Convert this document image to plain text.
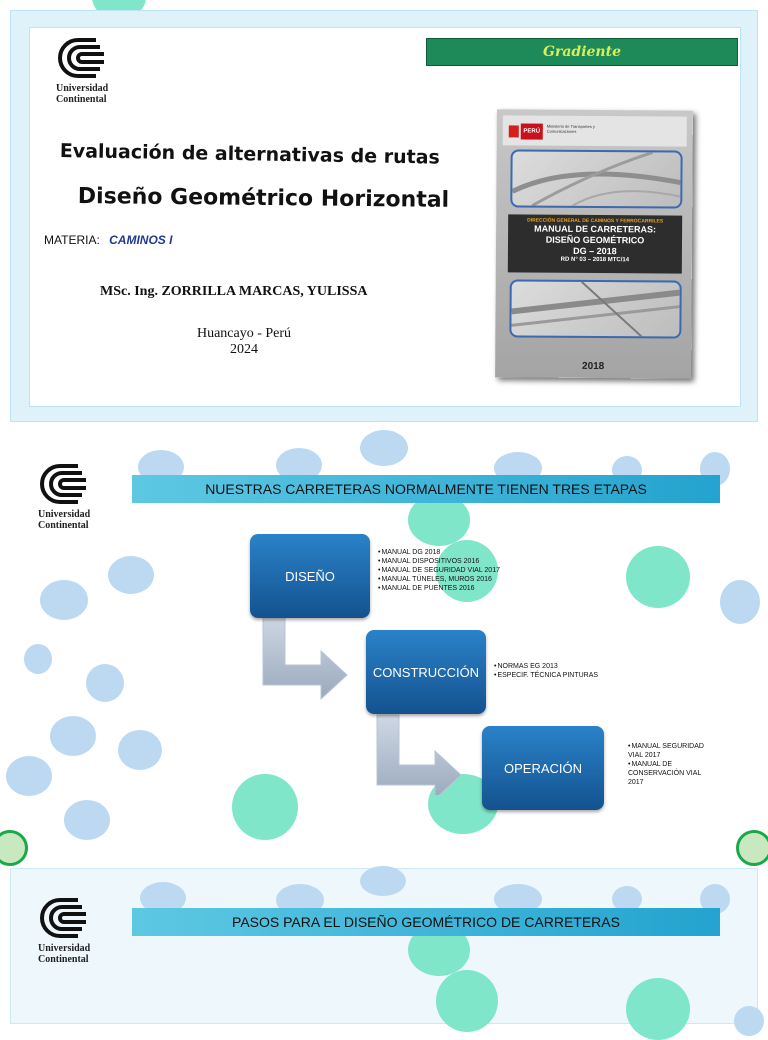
Universidad
Continental
Gradiente
Evaluación de alternativas de rutas
Diseño Geométrico Horizontal
MATERIA: CAMINOS I
MSc. Ing. ZORRILLA MARCAS, YULISSA
Huancayo - Perú
2024
PERÚ
Ministerio de Transportes y Comunicaciones
DIRECCIÓN GENERAL DE CAMINOS Y FERROCARRILES
MANUAL DE CARRETERAS:
DISEÑO GEOMÉTRICO
DG – 2018
RD N° 03 – 2018 MTC/14
2018
Universidad
Continental
NUESTRAS CARRETERAS NORMALMENTE TIENEN TRES ETAPAS
DISEÑO
CONSTRUCCIÓN
OPERACIÓN
• MANUAL DG 2018
• MANUAL DISPOSITIVOS 2016
• MANUAL DE SEGURIDAD VIAL 2017
• MANUAL TÚNELES, MUROS 2016
• MANUAL DE PUENTES 2016
• NORMAS EG 2013
• ESPECIF. TÉCNICA PINTURAS
• MANUAL SEGURIDAD VIAL 2017
• MANUAL DE CONSERVACIÓN VIAL 2017
Universidad
Continental
PASOS PARA EL DISEÑO GEOMÉTRICO DE CARRETERAS
